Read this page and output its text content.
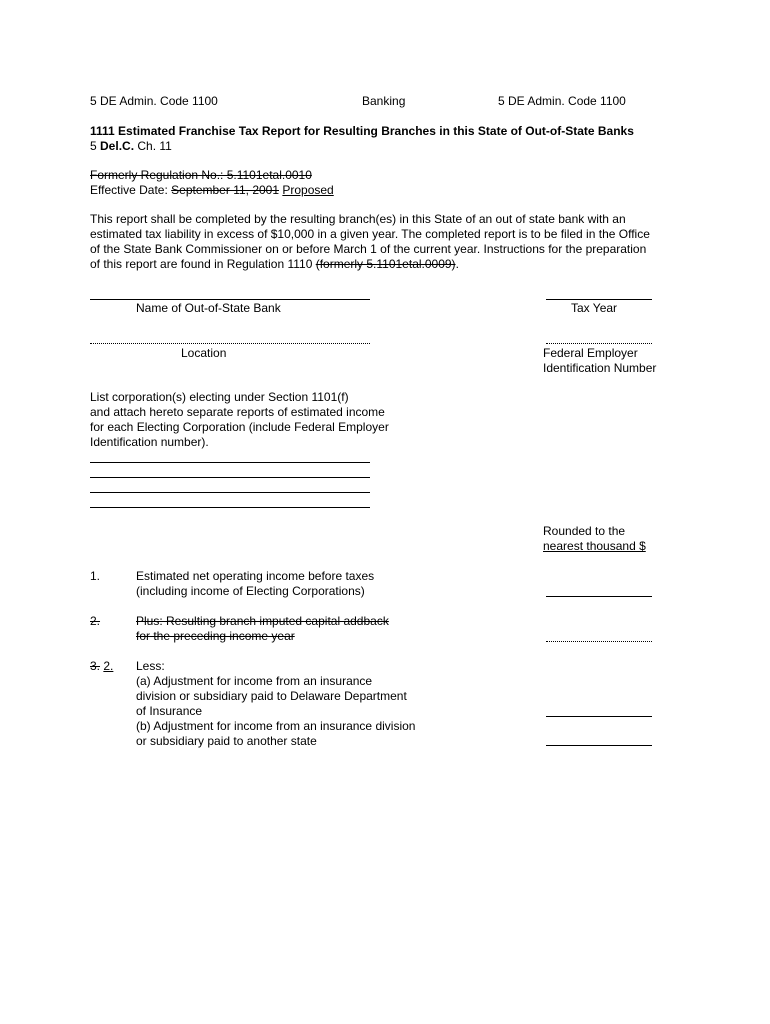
5 DE Admin. Code 1100	Banking	5 DE Admin. Code 1100
1111 Estimated Franchise Tax Report for Resulting Branches in this State of Out-of-State Banks
5 Del.C. Ch. 11
Formerly Regulation No.: 5.1101etal.0010
Effective Date: September 11, 2001 Proposed
This report shall be completed by the resulting branch(es) in this State of an out of state bank with an
estimated tax liability in excess of $10,000 in a given year. The completed report is to be filed in the Office
of the State Bank Commissioner on or before March 1 of the current year. Instructions for the preparation
of this report are found in Regulation 1110 (formerly 5.1101etal.0009).
Name of Out-of-State Bank	Tax Year
Location	Federal Employer
Identification Number
List corporation(s) electing under Section 1101(f)
and attach hereto separate reports of estimated income
for each Electing Corporation (include Federal Employer
Identification number).
Rounded to the
nearest thousand $
1.	Estimated net operating income before taxes
(including income of Electing Corporations)
2.	Plus: Resulting branch imputed capital addback
for the preceding income year
3. 2. Less:
(a) Adjustment for income from an insurance
division or subsidiary paid to Delaware Department
of Insurance
(b) Adjustment for income from an insurance division
or subsidiary paid to another state
